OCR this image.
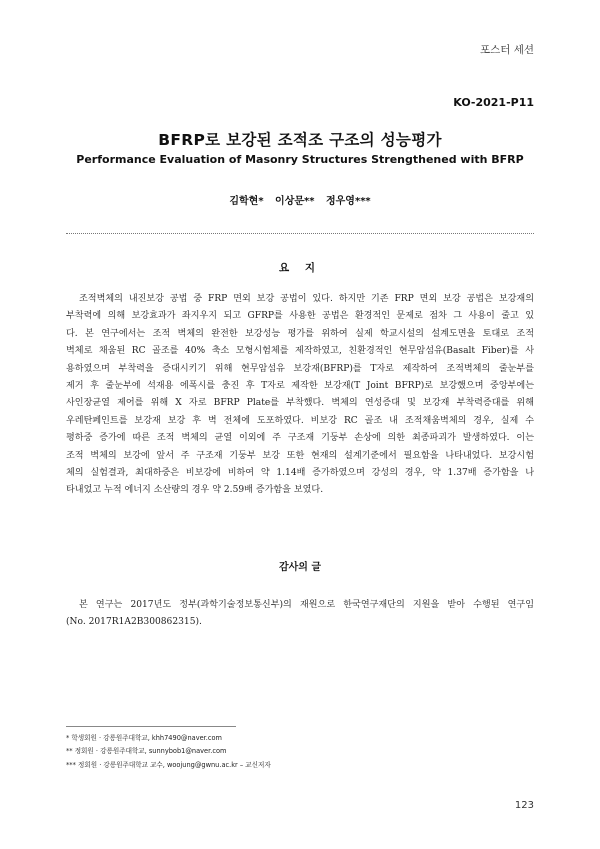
포스터 세션
KO-2021-P11
BFRP로 보강된 조적조 구조의 성능평가
Performance Evaluation of Masonry Structures Strengthened with BFRP
김학현* 이상문** 정우영***
요 지
조적벽체의 내진보강 공법 중 FRP 면외 보강 공법이 있다. 하지만 기존 FRP 면외 보강 공법은 보강재의
부착력에 의해 보강효과가 좌지우지 되고 GFRP를 사용한 공법은 환경적인 문제로 점차 그 사용이 줄고 있
다. 본 연구에서는 조적 벽체의 완전한 보강성능 평가를 위하여 실제 학교시설의 설계도면을 토대로 조적
벽체로 채움된 RC 골조를 40% 축소 모형시험체를 제작하였고, 친환경적인 현무암섬유(Basalt Fiber)를 사
용하였으며 부착력을 증대시키기 위해 현무암섬유 보강재(BFRP)를 T자로 제작하여 조적벽체의 줄눈부를
제거 후 줄눈부에 석재용 에폭시를 충진 후 T자로 제작한 보강재(T Joint BFRP)로 보강했으며 중앙부에는
사인장균열 제어를 위해 X 자로 BFRP Plate를 부착했다. 벽체의 연성증대 및 보강재 부착력증대를 위해
우레탄페인트를 보강재 보강 후 벽 전체에 도포하였다. 비보강 RC 골조 내 조적채움벽체의 경우, 실제 수
평하중 증가에 따른 조적 벽체의 균열 이외에 주 구조재 기둥부 손상에 의한 최종파괴가 발생하였다. 이는
조적 벽체의 보강에 앞서 주 구조재 기둥부 보강 또한 현재의 설계기준에서 필요함을 나타내었다. 보강시험
체의 실험결과, 최대하중은 비보강에 비하여 약 1.14배 증가하였으며 강성의 경우, 약 1.37배 증가함을 나
타내었고 누적 에너지 소산량의 경우 약 2.59배 증가함을 보였다.
감사의 글
본 연구는 2017년도 정부(과학기술정보통신부)의 재원으로 한국연구재단의 지원을 받아 수행된 연구임
(No. 2017R1A2B300862315).
* 학생회원 · 강릉원주대학교, khh7490@naver.com
** 정회원 · 강릉원주대학교, sunnybob1@naver.com
*** 정회원 · 강릉원주대학교 교수, woojung@gwnu.ac.kr – 교신저자
123
